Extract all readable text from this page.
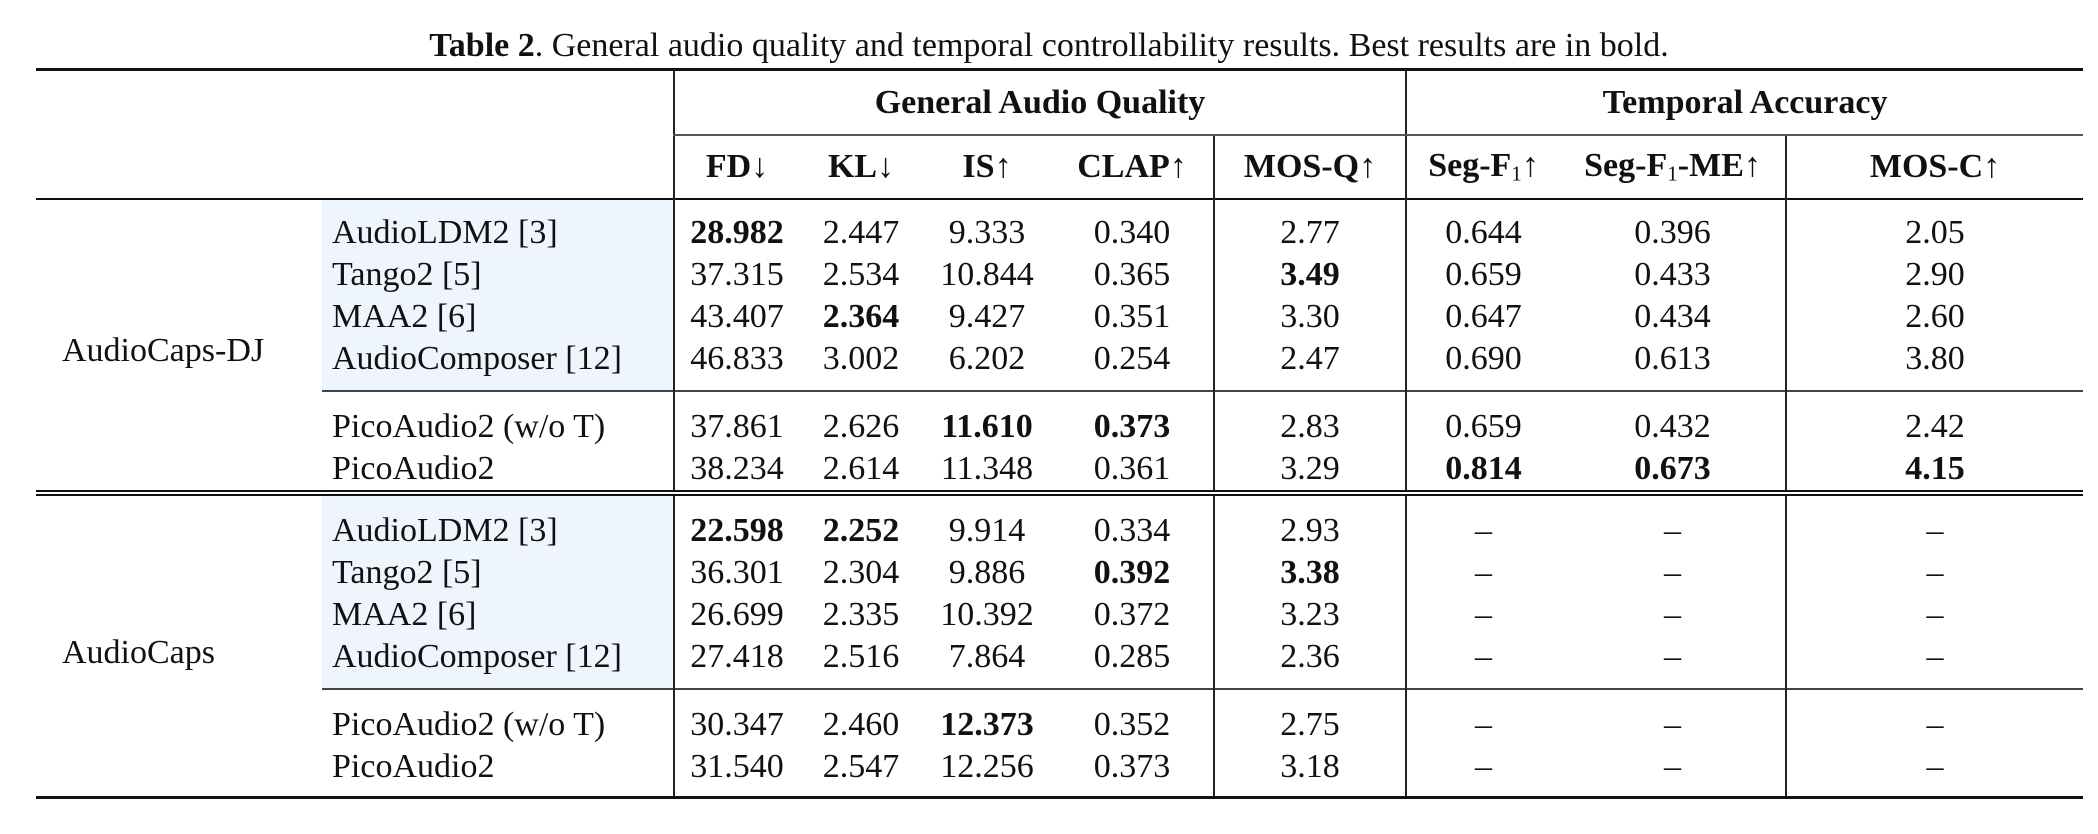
Table 2. General audio quality and temporal controllability results. Best results are in bold.
		General Audio Quality					Temporal Accuracy		
		FD↓	KL↓	IS↑	CLAP↑	MOS-Q↑	Seg-$F_1↑$	Seg-$F_1-ME↑$	MOS-C↑
AudioCaps-DJ	AudioLDM2 [3]	28.982	2.447	9.333	0.340	2.77	0.644	0.396	2.05
	Tango2 [5]	37.315	2.534	10.844	0.365	3.49	0.659	0.433	2.90
	MAA2 [6]	43.407	2.364	9.427	0.351	3.30	0.647	0.434	2.60
	AudioComposer [12]	46.833	3.002	6.202	0.254	2.47	0.690	0.613	3.80
	PicoAudio2 (w/o T)	37.861	2.626	11.610	0.373	2.83	0.659	0.432	2.42
	PicoAudio2	38.234	2.614	11.348	0.361	3.29	0.814	0.673	4.15
AudioCaps	AudioLDM2 [3]	22.598	2.252	9.914	0.334	2.93	–	–	–
	Tango2 [5]	36.301	2.304	9.886	0.392	3.38	–	–	–
	MAA2 [6]	26.699	2.335	10.392	0.372	3.23	–	–	–
	AudioComposer [12]	27.418	2.516	7.864	0.285	2.36	–	–	–
	PicoAudio2 (w/o T)	30.347	2.460	12.373	0.352	2.75	–	–	–
	PicoAudio2	31.540	2.547	12.256	0.373	3.18	–	–	–
